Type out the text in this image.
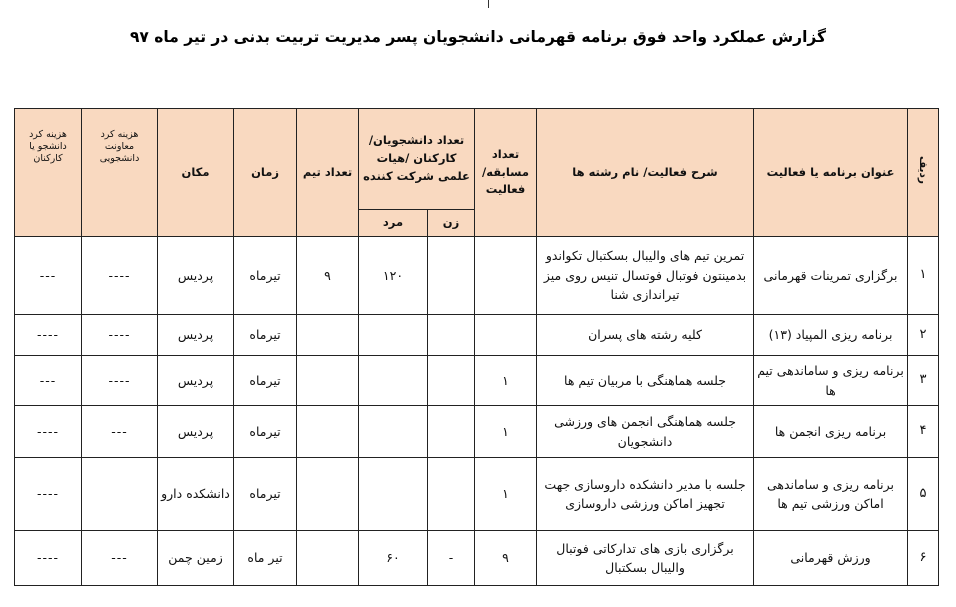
گزارش عملکرد واحد فوق برنامه قهرمانی دانشجویان پسر مدیریت تربیت بدنی در تیر ماه ۹۷
ردیف	عنوان برنامه یا فعالیت	شرح فعالیت/ نام رشته ها	تعداد مسابقه/ فعالیت	تعداد دانشجویان/ کارکنان /هیات علمی شرکت کننده		تعداد تیم	زمان	مکان	هزینه کرد معاونت دانشجویی	هزینه کرد دانشجو یا کارکنان
				زن	مرد					
۱	برگزاری تمرینات قهرمانی	تمرین تیم های والیبال بسکتبال تکواندو بدمینتون فوتبال فوتسال تنیس روی میز تیراندازی شنا			۱۲۰	۹	تیرماه	پردیس	----	---
۲	برنامه ریزی المپیاد (۱۳)	کلیه رشته های پسران					تیرماه	پردیس	----	----
۳	برنامه ریزی و ساماندهی تیم ها	جلسه هماهنگی با مربیان تیم ها	۱				تیرماه	پردیس	----	---
۴	برنامه ریزی انجمن ها	جلسه هماهنگی انجمن های ورزشی دانشجویان	۱				تیرماه	پردیس	---	----
۵	برنامه ریزی و ساماندهی اماکن ورزشی تیم ها	جلسه با مدیر دانشکده داروسازی جهت تجهیز اماکن ورزشی داروسازی	۱				تیرماه	دانشکده دارو		----
۶	ورزش قهرمانی	برگزاری بازی های تدارکاتی فوتبال والیبال بسکتبال	۹	-	۶۰		تیر ماه	زمین چمن	---	----
